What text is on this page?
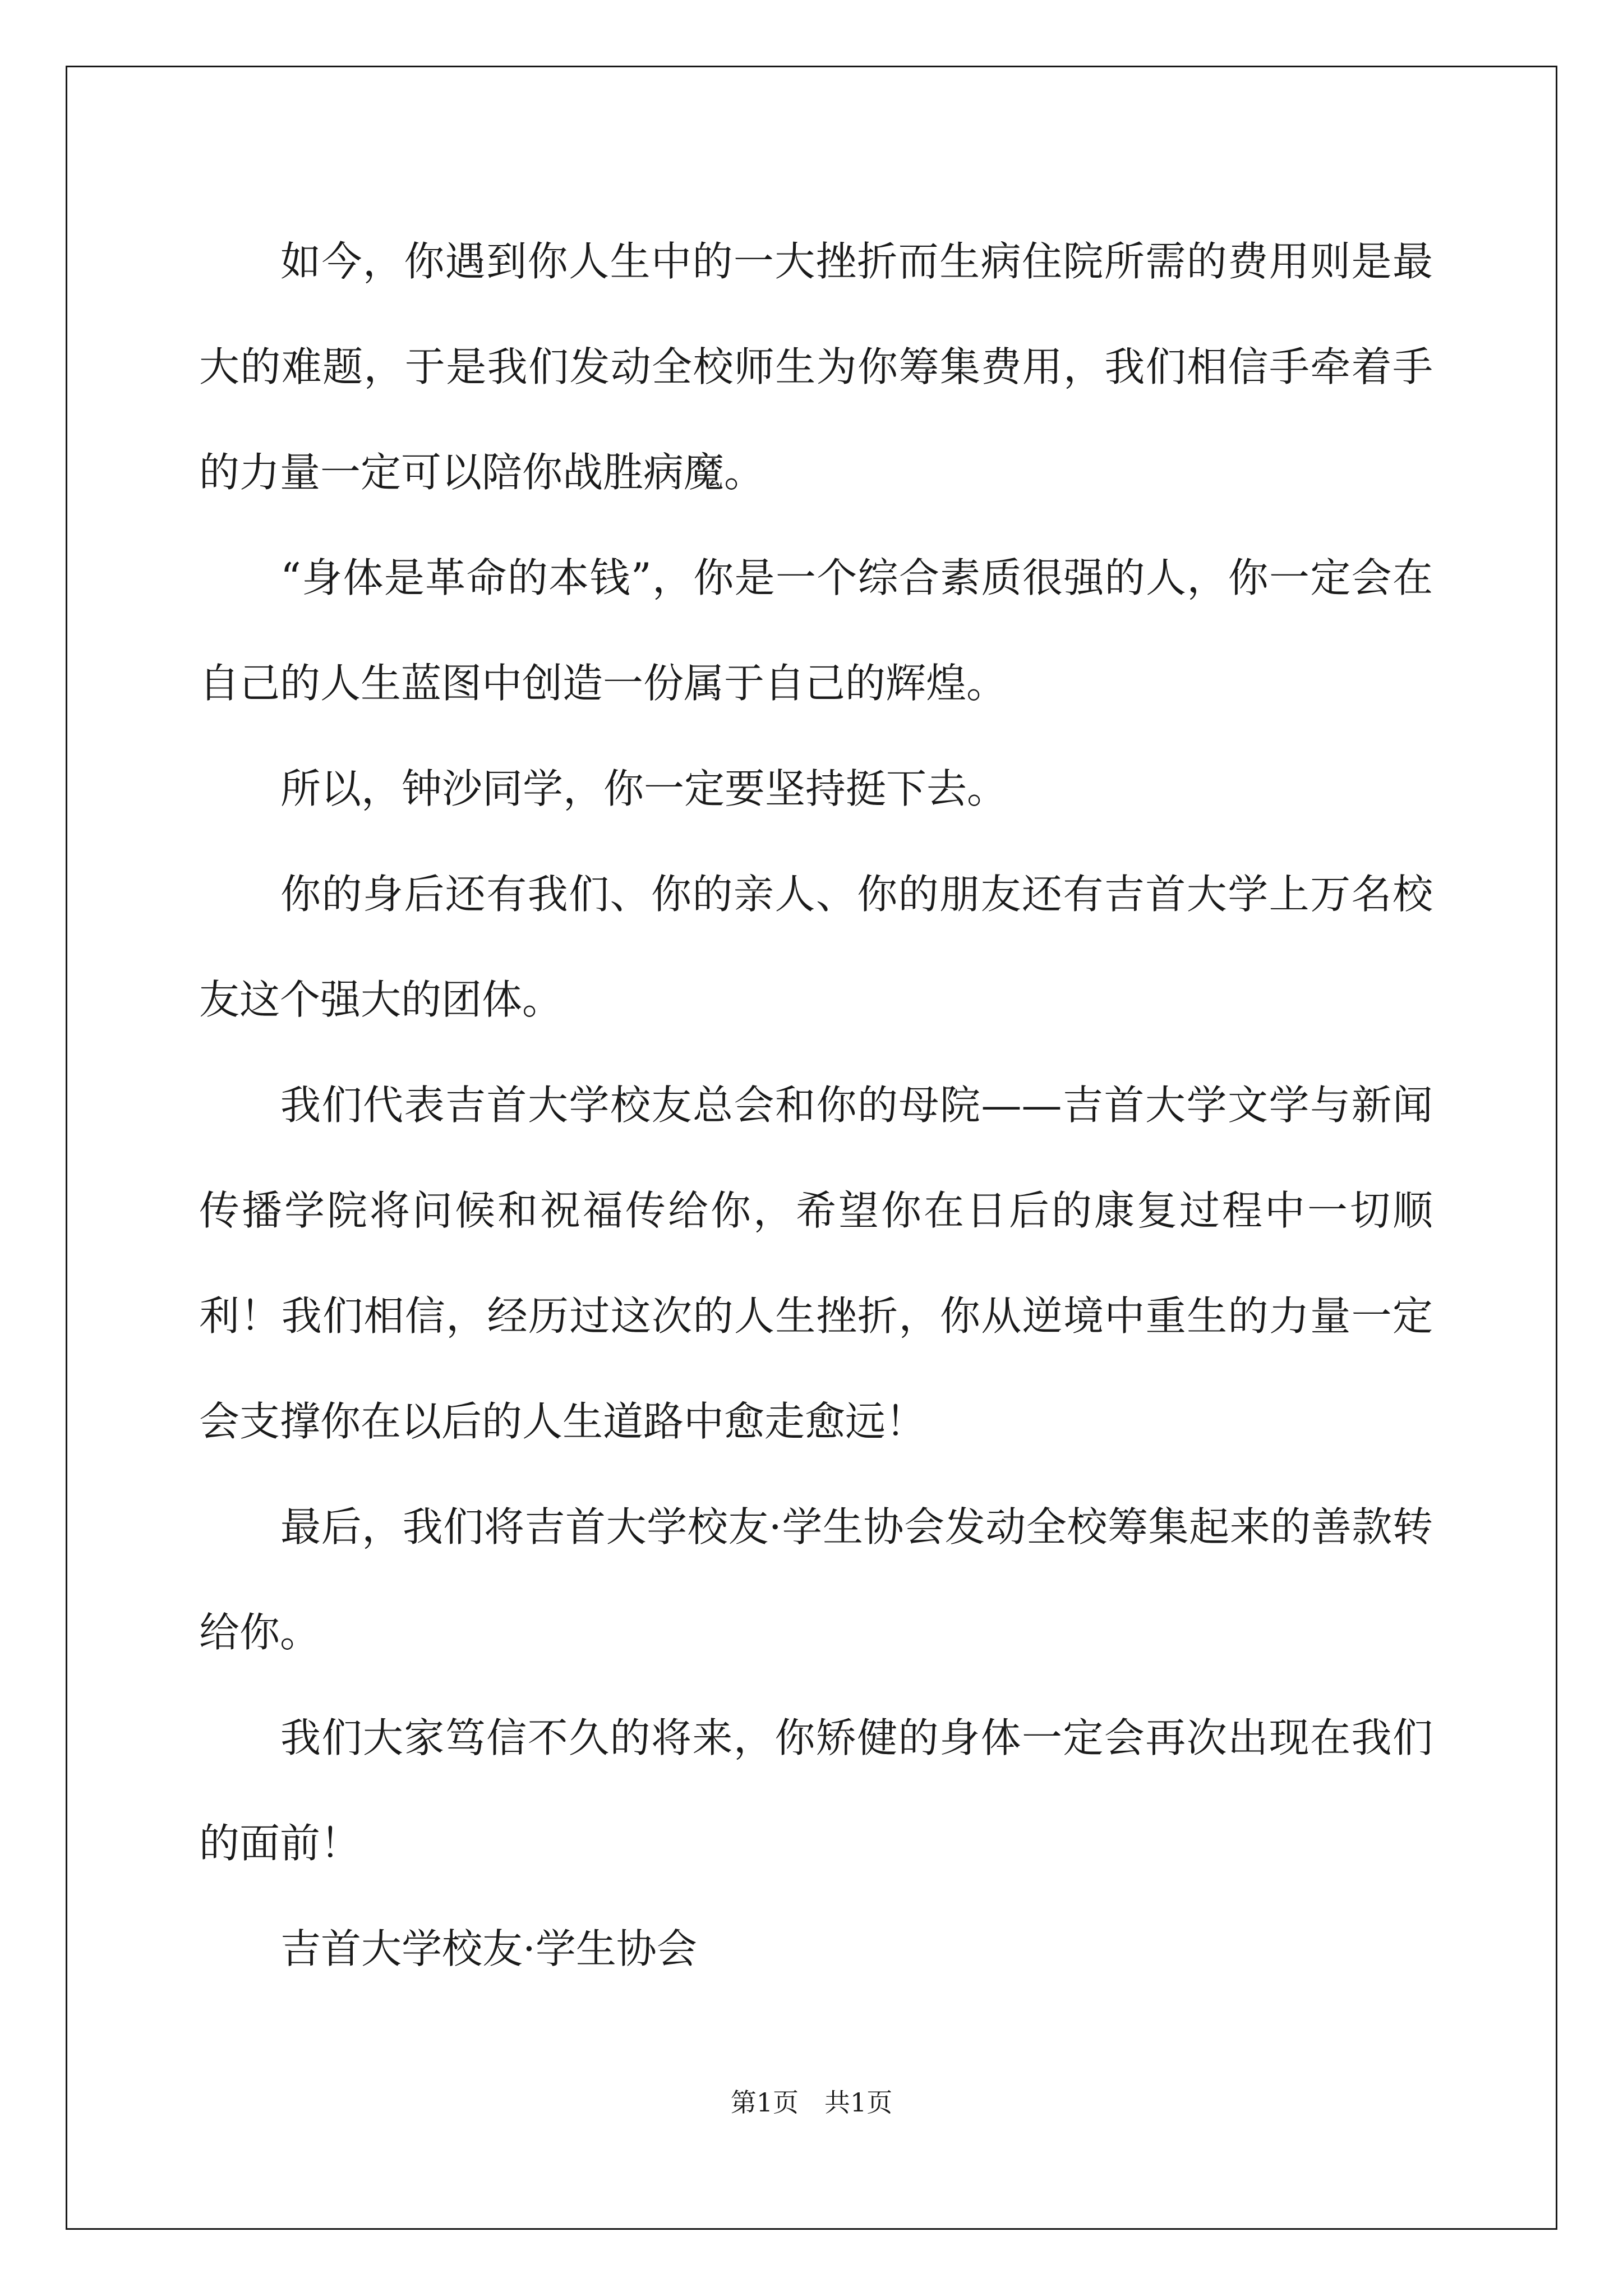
如今，你遇到你人生中的一大挫折而生病住院所需的费用则是最大的难题，于是我们发动全校师生为你筹集费用，我们相信手牵着手的力量一定可以陪你战胜病魔。

“身体是革命的本钱”，你是一个综合素质很强的人，你一定会在自己的人生蓝图中创造一份属于自己的辉煌。

所以，钟沙同学，你一定要坚持挺下去。

你的身后还有我们、你的亲人、你的朋友还有吉首大学上万名校友这个强大的团体。

我们代表吉首大学校友总会和你的母院——吉首大学文学与新闻传播学院将问候和祝福传给你，希望你在日后的康复过程中一切顺利！我们相信，经历过这次的人生挫折，你从逆境中重生的力量一定会支撑你在以后的人生道路中愈走愈远！

最后，我们将吉首大学校友·学生协会发动全校筹集起来的善款转给你。

我们大家笃信不久的将来，你矫健的身体一定会再次出现在我们的面前！

吉首大学校友·学生协会

第1页 共1页
